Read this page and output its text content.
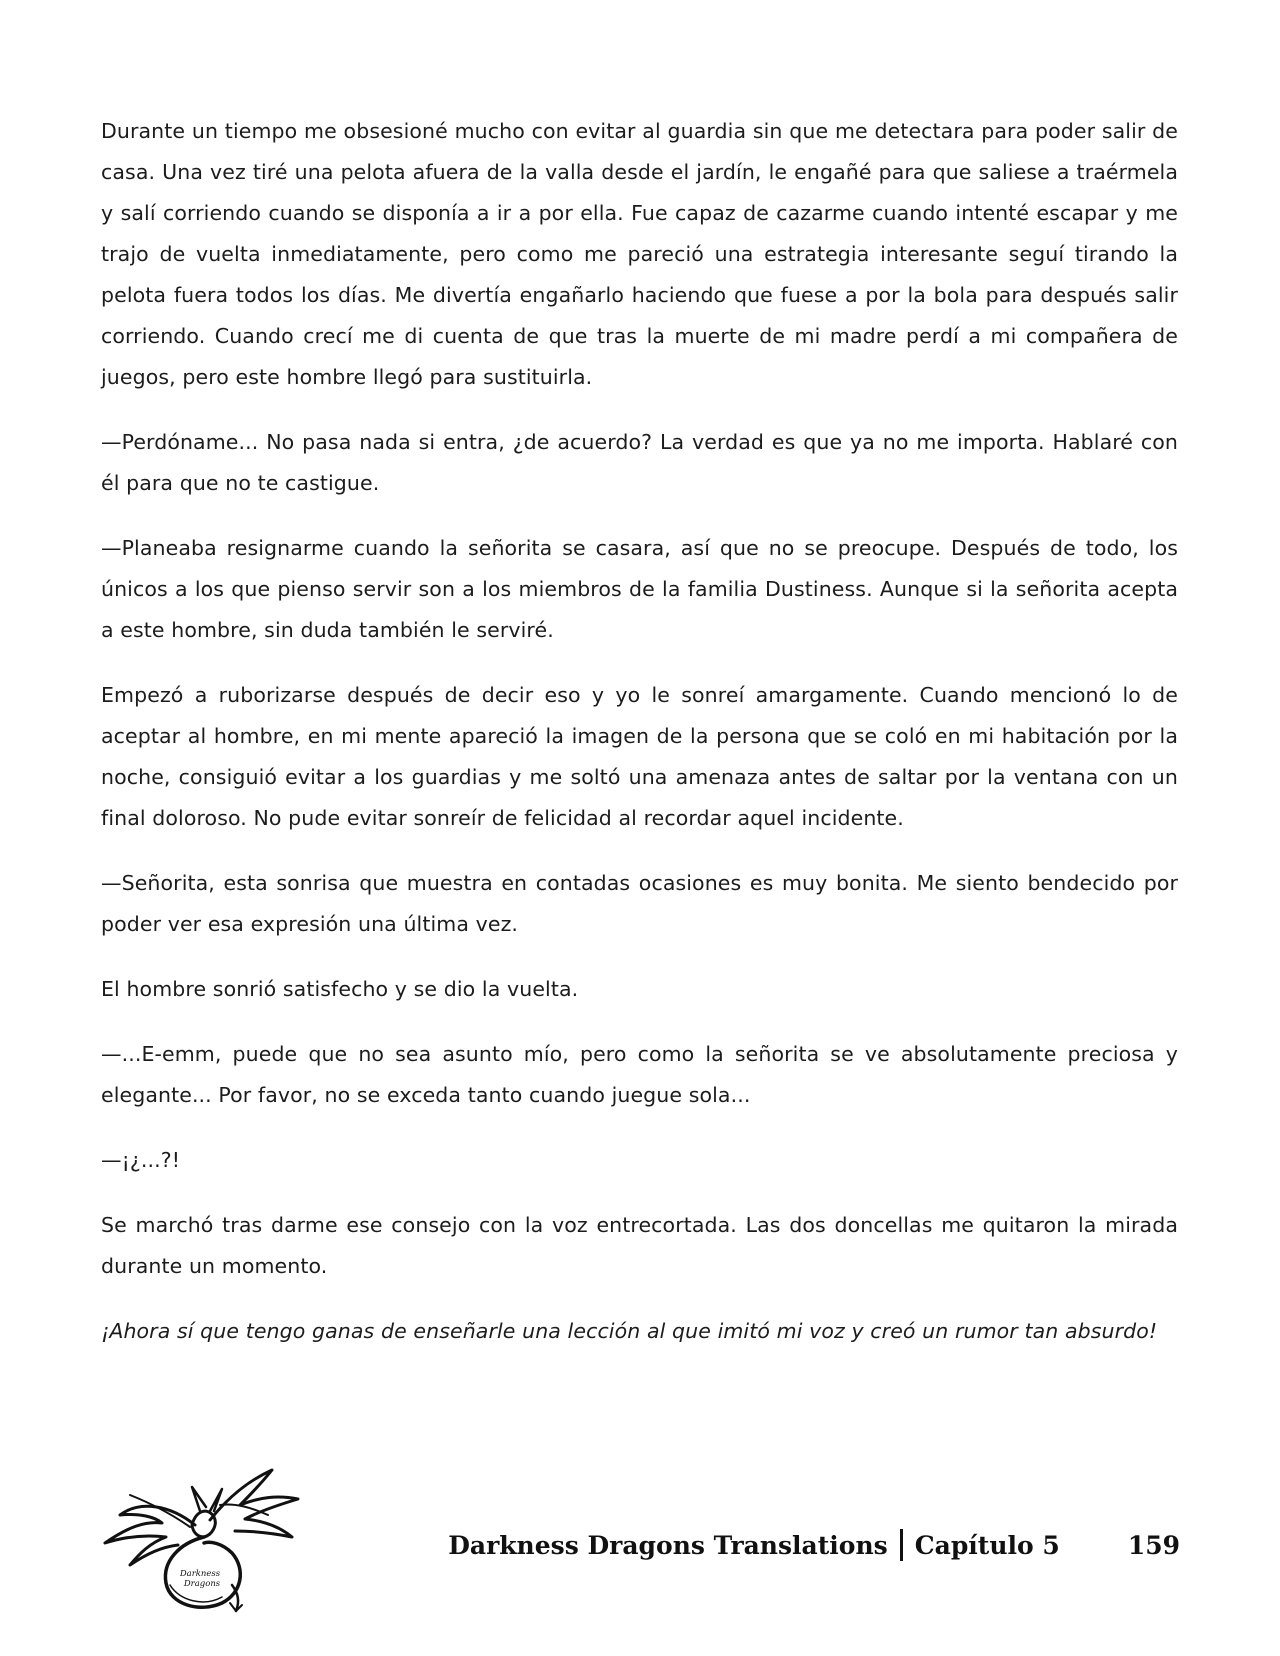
Durante un tiempo me obsesioné mucho con evitar al guardia sin que me detectara para poder salir de casa. Una vez tiré una pelota afuera de la valla desde el jardín, le engañé para que saliese a traérmela y salí corriendo cuando se disponía a ir a por ella. Fue capaz de cazarme cuando intenté escapar y me trajo de vuelta inmediatamente, pero como me pareció una estrategia interesante seguí tirando la pelota fuera todos los días. Me divertía engañarlo haciendo que fuese a por la bola para después salir corriendo. Cuando crecí me di cuenta de que tras la muerte de mi madre perdí a mi compañera de juegos, pero este hombre llegó para sustituirla.

—Perdóname... No pasa nada si entra, ¿de acuerdo? La verdad es que ya no me importa. Hablaré con él para que no te castigue.

—Planeaba resignarme cuando la señorita se casara, así que no se preocupe. Después de todo, los únicos a los que pienso servir son a los miembros de la familia Dustiness. Aunque si la señorita acepta a este hombre, sin duda también le serviré.

Empezó a ruborizarse después de decir eso y yo le sonreí amargamente. Cuando mencionó lo de aceptar al hombre, en mi mente apareció la imagen de la persona que se coló en mi habitación por la noche, consiguió evitar a los guardias y me soltó una amenaza antes de saltar por la ventana con un final doloroso. No pude evitar sonreír de felicidad al recordar aquel incidente.

—Señorita, esta sonrisa que muestra en contadas ocasiones es muy bonita. Me siento bendecido por poder ver esa expresión una última vez.

El hombre sonrió satisfecho y se dio la vuelta.

—...E-emm, puede que no sea asunto mío, pero como la señorita se ve absolutamente preciosa y elegante... Por favor, no se exceda tanto cuando juegue sola...

—¡¿...?!

Se marchó tras darme ese consejo con la voz entrecortada. Las dos doncellas me quitaron la mirada durante un momento.

¡Ahora sí que tengo ganas de enseñarle una lección al que imitó mi voz y creó un rumor tan absurdo!

Darkness
Dragons
Darkness Dragons Translations Capítulo 5	159
